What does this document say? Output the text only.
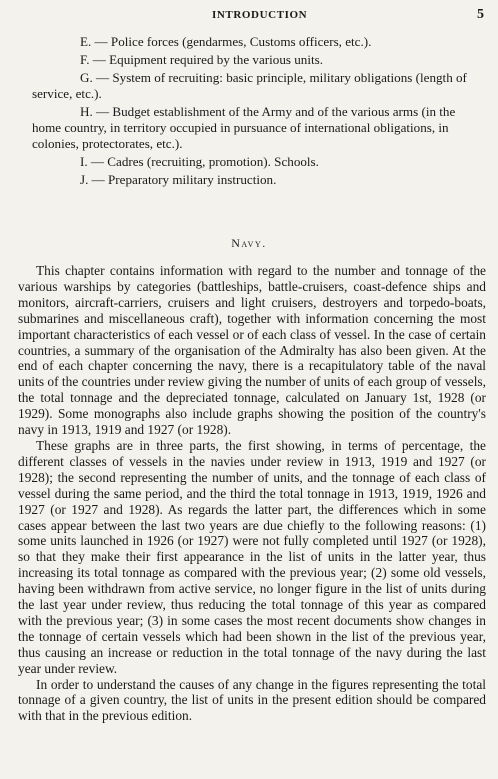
INTRODUCTION	5

E. — Police forces (gendarmes, Customs officers, etc.).

F. — Equipment required by the various units.

G. — System of recruiting: basic principle, military obligations (length of service, etc.).

H. — Budget establishment of the Army and of the various arms (in the home country, in territory occupied in pursuance of international obligations, in colonies, protectorates, etc.).

I. — Cadres (recruiting, promotion). Schools.

J. — Preparatory military instruction.

Navy.

This chapter contains information with regard to the number and tonnage of the various warships by categories (battleships, battle-cruisers, coast-defence ships and monitors, aircraft-carriers, cruisers and light cruisers, destroyers and torpedo-boats, submarines and miscellaneous craft), together with information concerning the most important characteristics of each vessel or of each class of vessel. In the case of certain countries, a summary of the organisation of the Admiralty has also been given. At the end of each chapter concerning the navy, there is a recapitulatory table of the naval units of the countries under review giving the number of units of each group of vessels, the total tonnage and the depreciated tonnage, calculated on January 1st, 1928 (or 1929). Some monographs also include graphs showing the position of the country's navy in 1913, 1919 and 1927 (or 1928).

These graphs are in three parts, the first showing, in terms of percentage, the different classes of vessels in the navies under review in 1913, 1919 and 1927 (or 1928); the second representing the number of units, and the tonnage of each class of vessel during the same period, and the third the total tonnage in 1913, 1919, 1926 and 1927 (or 1927 and 1928). As regards the latter part, the differences which in some cases appear between the last two years are due chiefly to the following reasons: (1) some units launched in 1926 (or 1927) were not fully completed until 1927 (or 1928), so that they make their first appearance in the list of units in the latter year, thus increasing its total tonnage as compared with the previous year; (2) some old vessels, having been withdrawn from active service, no longer figure in the list of units during the last year under review, thus reducing the total tonnage of this year as compared with the previous year; (3) in some cases the most recent documents show changes in the tonnage of certain vessels which had been shown in the list of the previous year, thus causing an increase or reduction in the total tonnage of the navy during the last year under review.

In order to understand the causes of any change in the figures representing the total tonnage of a given country, the list of units in the present edition should be compared with that in the previous edition.
